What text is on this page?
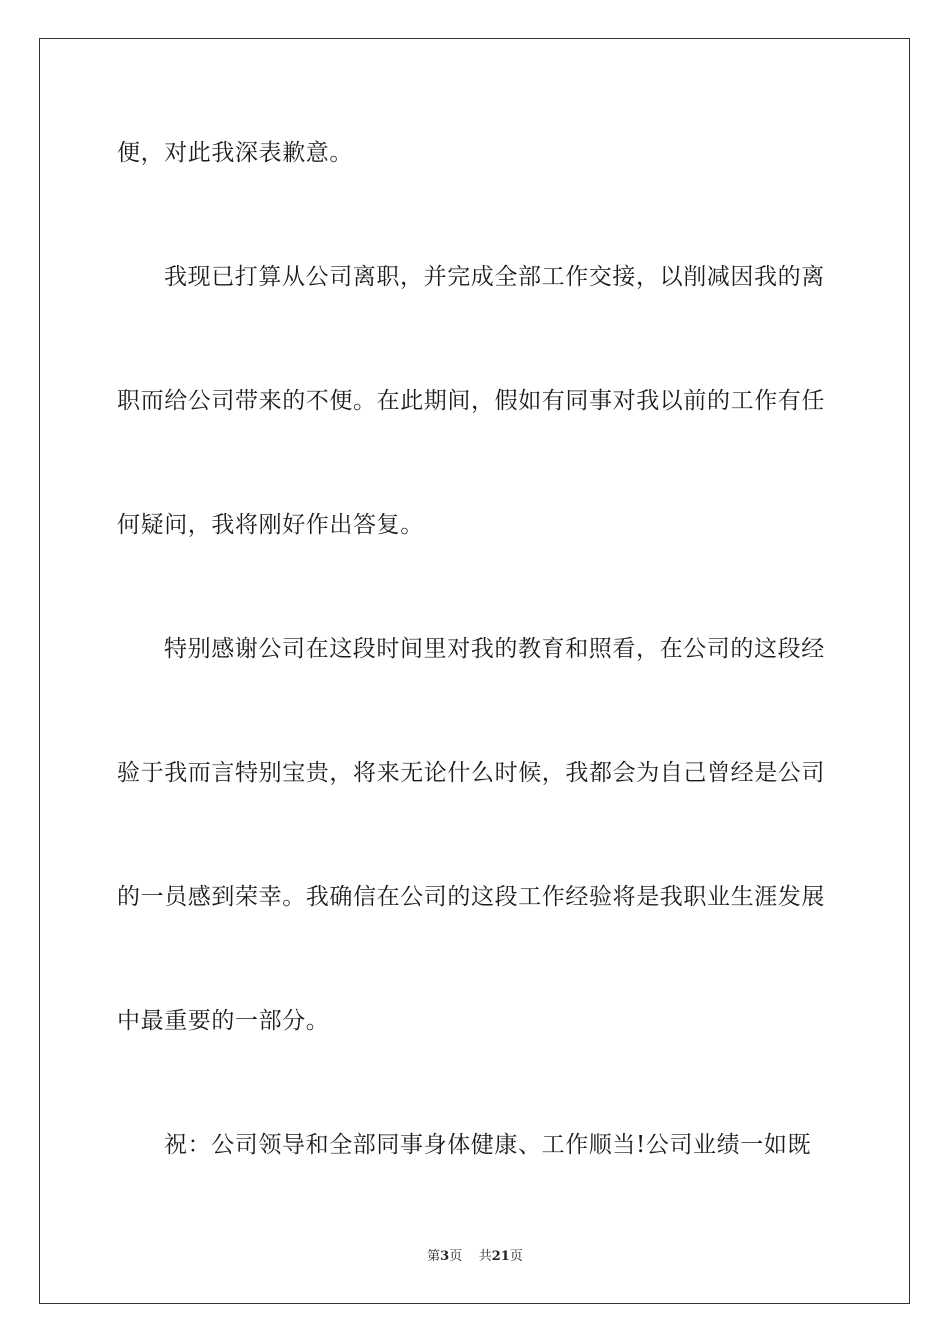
便，对此我深表歉意。
我现已打算从公司离职，并完成全部工作交接，以削减因我的离
职而给公司带来的不便。在此期间，假如有同事对我以前的工作有任
何疑问，我将刚好作出答复。
特别感谢公司在这段时间里对我的教育和照看，在公司的这段经
验于我而言特别宝贵，将来无论什么时候，我都会为自己曾经是公司
的一员感到荣幸。我确信在公司的这段工作经验将是我职业生涯发展
中最重要的一部分。
祝：公司领导和全部同事身体健康、工作顺当!公司业绩一如既
第3页 共21页
